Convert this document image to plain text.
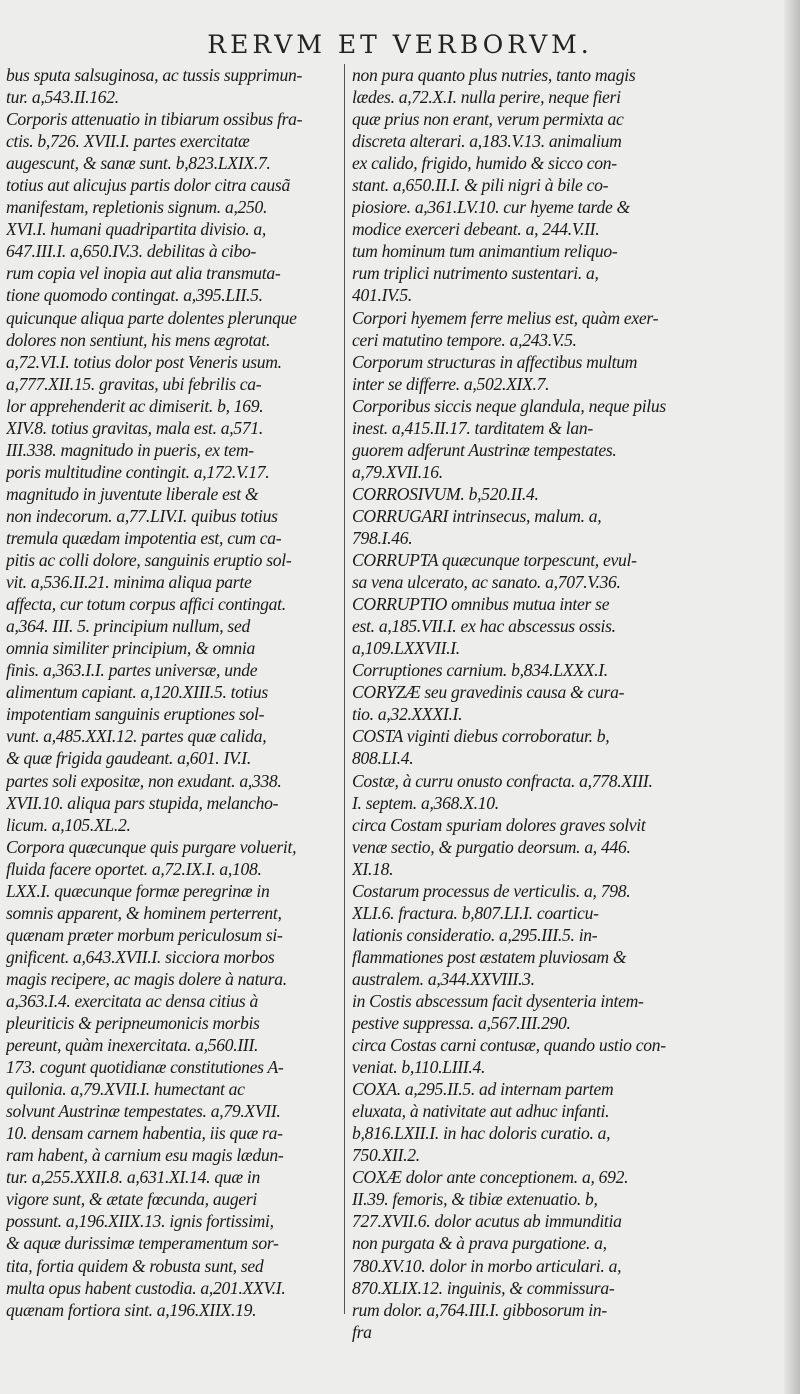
RERVM ET VERBORVM.
bus sputa salsuginosa, ac tussis supprimun-
tur. a,543.II.162.
Corporis attenuatio in tibiarum ossibus fra-
ctis. b,726. XVII.I. partes exercitatæ
augescunt, & sanæ sunt. b,823.LXIX.7.
totius aut alicujus partis dolor citra causã
manifestam, repletionis signum. a,250.
XVI.I. humani quadripartita divisio. a,
647.III.I. a,650.IV.3. debilitas à cibo-
rum copia vel inopia aut alia transmuta-
tione quomodo contingat. a,395.LII.5.
quicunque aliqua parte dolentes plerunque
dolores non sentiunt, his mens ægrotat.
a,72.VI.I. totius dolor post Veneris usum.
a,777.XII.15. gravitas, ubi febrilis ca-
lor apprehenderit ac dimiserit. b, 169.
XIV.8. totius gravitas, mala est. a,571.
III.338. magnitudo in pueris, ex tem-
poris multitudine contingit. a,172.V.17.
magnitudo in juventute liberale est &
non indecorum. a,77.LIV.I. quibus totius
tremula quædam impotentia est, cum ca-
pitis ac colli dolore, sanguinis eruptio sol-
vit. a,536.II.21. minima aliqua parte
affecta, cur totum corpus affici contingat.
a,364. III. 5. principium nullum, sed
omnia similiter principium, & omnia
finis. a,363.I.I. partes universæ, unde
alimentum capiant. a,120.XIII.5. totius
impotentiam sanguinis eruptiones sol-
vunt. a,485.XXI.12. partes quæ calida,
& quæ frigida gaudeant. a,601. IV.I.
partes soli expositæ, non exudant. a,338.
XVII.10. aliqua pars stupida, melancho-
licum. a,105.XL.2.
Corpora quæcunque quis purgare voluerit,
fluida facere oportet. a,72.IX.I. a,108.
LXX.I. quæcunque formæ peregrinæ in
somnis apparent, & hominem perterrent,
quænam præter morbum periculosum si-
gnificent. a,643.XVII.I. sicciora morbos
magis recipere, ac magis dolere à natura.
a,363.I.4. exercitata ac densa citius à
pleuriticis & peripneumonicis morbis
pereunt, quàm inexercitata. a,560.III.
173. cogunt quotidianæ constitutiones A-
quilonia. a,79.XVII.I. humectant ac
solvunt Austrinæ tempestates. a,79.XVII.
10. densam carnem habentia, iis quæ ra-
ram habent, à carnium esu magis lædun-
tur. a,255.XXII.8. a,631.XI.14. quæ in
vigore sunt, & ætate fœcunda, augeri
possunt. a,196.XIIX.13. ignis fortissimi,
& aquæ durissimæ temperamentum sor-
tita, fortia quidem & robusta sunt, sed
multa opus habent custodia. a,201.XXV.I.
quænam fortiora sint. a,196.XIIX.19.
non pura quanto plus nutries, tanto magis
lædes. a,72.X.I. nulla perire, neque fieri
quæ prius non erant, verum permixta ac
discreta alterari. a,183.V.13. animalium
ex calido, frigido, humido & sicco con-
stant. a,650.II.I. & pili nigri à bile co-
piosiore. a,361.LV.10. cur hyeme tarde &
modice exerceri debeant. a, 244.V.II.
tum hominum tum animantium reliquo-
rum triplici nutrimento sustentari. a,
401.IV.5.
Corpori hyemem ferre melius est, quàm exer-
ceri matutino tempore. a,243.V.5.
Corporum structuras in affectibus multum
inter se differre. a,502.XIX.7.
Corporibus siccis neque glandula, neque pilus
inest. a,415.II.17. tarditatem & lan-
guorem adferunt Austrinæ tempestates.
a,79.XVII.16.
CORROSIVUM. b,520.II.4.
CORRUGARI intrinsecus, malum. a,
798.I.46.
CORRUPTA quæcunque torpescunt, evul-
sa vena ulcerato, ac sanato. a,707.V.36.
CORRUPTIO omnibus mutua inter se
est. a,185.VII.I. ex hac abscessus ossis.
a,109.LXXVII.I.
Corruptiones carnium. b,834.LXXX.I.
CORYZÆ seu gravedinis causa & cura-
tio. a,32.XXXI.I.
COSTA viginti diebus corroboratur. b,
808.LI.4.
Costæ, à curru onusto confracta. a,778.XIII.
I. septem. a,368.X.10.
circa Costam spuriam dolores graves solvit
venæ sectio, & purgatio deorsum. a, 446.
XI.18.
Costarum processus de verticulis. a, 798.
XLI.6. fractura. b,807.LI.I. coarticu-
lationis consideratio. a,295.III.5. in-
flammationes post æstatem pluviosam &
australem. a,344.XXVIII.3.
in Costis abscessum facit dysenteria intem-
pestive suppressa. a,567.III.290.
circa Costas carni contusæ, quando ustio con-
veniat. b,110.LIII.4.
COXA. a,295.II.5. ad internam partem
eluxata, à nativitate aut adhuc infanti.
b,816.LXII.I. in hac doloris curatio. a,
750.XII.2.
COXÆ dolor ante conceptionem. a, 692.
II.39. femoris, & tibiæ extenuatio. b,
727.XVII.6. dolor acutus ab immunditia
non purgata & à prava purgatione. a,
780.XV.10. dolor in morbo articulari. a,
870.XLIX.12. inguinis, & commissura-
rum dolor. a,764.III.I. gibbosorum in-
fra
